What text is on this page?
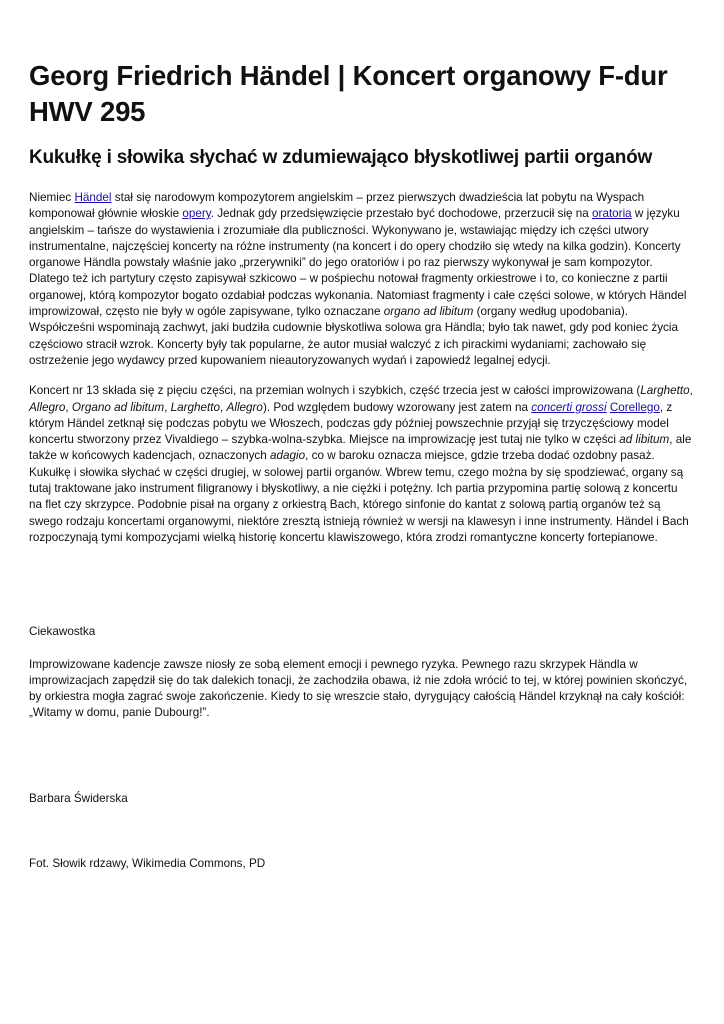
Georg Friedrich Händel | Koncert organowy F-dur HWV 295
Kukułkę i słowika słychać w zdumiewająco błyskotliwej partii organów

Niemiec Händel stał się narodowym kompozytorem angielskim – przez pierwszych dwadzieścia lat pobytu na Wyspach komponował głównie włoskie opery. Jednak gdy przedsięwzięcie przestało być dochodowe, przerzucił się na oratoria w języku angielskim – tańsze do wystawienia i zrozumiałe dla publiczności. Wykonywano je, wstawiając między ich części utwory instrumentalne, najczęściej koncerty na różne instrumenty (na koncert i do opery chodziło się wtedy na kilka godzin). Koncerty organowe Händla powstały właśnie jako „przerywniki” do jego oratoriów i po raz pierwszy wykonywał je sam kompozytor. Dlatego też ich partytury często zapisywał szkicowo – w pośpiechu notował fragmenty orkiestrowe i to, co konieczne z partii organowej, którą kompozytor bogato ozdabiał podczas wykonania. Natomiast fragmenty i całe części solowe, w których Händel improwizował, często nie były w ogóle zapisywane, tylko oznaczane organo ad libitum (organy według upodobania). Współcześni wspominają zachwyt, jaki budziła cudownie błyskotliwa solowa gra Händla; było tak nawet, gdy pod koniec życia częściowo stracił wzrok. Koncerty były tak popularne, że autor musiał walczyć z ich pirackimi wydaniami; zachowało się ostrzeżenie jego wydawcy przed kupowaniem nieautoryzowanych wydań i zapowiedź legalnej edycji.

Koncert nr 13 składa się z pięciu części, na przemian wolnych i szybkich, część trzecia jest w całości improwizowana (Larghetto, Allegro, Organo ad libitum, Larghetto, Allegro). Pod względem budowy wzorowany jest zatem na concerti grossi Corellego, z którym Händel zetknął się podczas pobytu we Włoszech, podczas gdy później powszechnie przyjął się trzyczęściowy model koncertu stworzony przez Vivaldiego – szybka-wolna-szybka. Miejsce na improwizację jest tutaj nie tylko w części ad libitum, ale także w końcowych kadencjach, oznaczonych adagio, co w baroku oznacza miejsce, gdzie trzeba dodać ozdobny pasaż. Kukułkę i słowika słychać w części drugiej, w solowej partii organów. Wbrew temu, czego można by się spodziewać, organy są tutaj traktowane jako instrument filigranowy i błyskotliwy, a nie ciężki i potężny. Ich partia przypomina partię solową z koncertu na flet czy skrzypce. Podobnie pisał na organy z orkiestrą Bach, którego sinfonie do kantat z solową partią organów też są swego rodzaju koncertami organowymi, niektóre zresztą istnieją również w wersji na klawesyn i inne instrumenty. Händel i Bach rozpoczynają tymi kompozycjami wielką historię koncertu klawiszowego, która zrodzi romantyczne koncerty fortepianowe.

Ciekawostka

Improwizowane kadencje zawsze niosły ze sobą element emocji i pewnego ryzyka. Pewnego razu skrzypek Händla w improwizacjach zapędził się do tak dalekich tonacji, że zachodziła obawa, iż nie zdoła wrócić to tej, w której powinien skończyć, by orkiestra mogła zagrać swoje zakończenie. Kiedy to się wreszcie stało, dyrygujący całością Händel krzyknął na cały kościół: „Witamy w domu, panie Dubourg!”.

Barbara Świderska

Fot. Słowik rdzawy, Wikimedia Commons, PD
